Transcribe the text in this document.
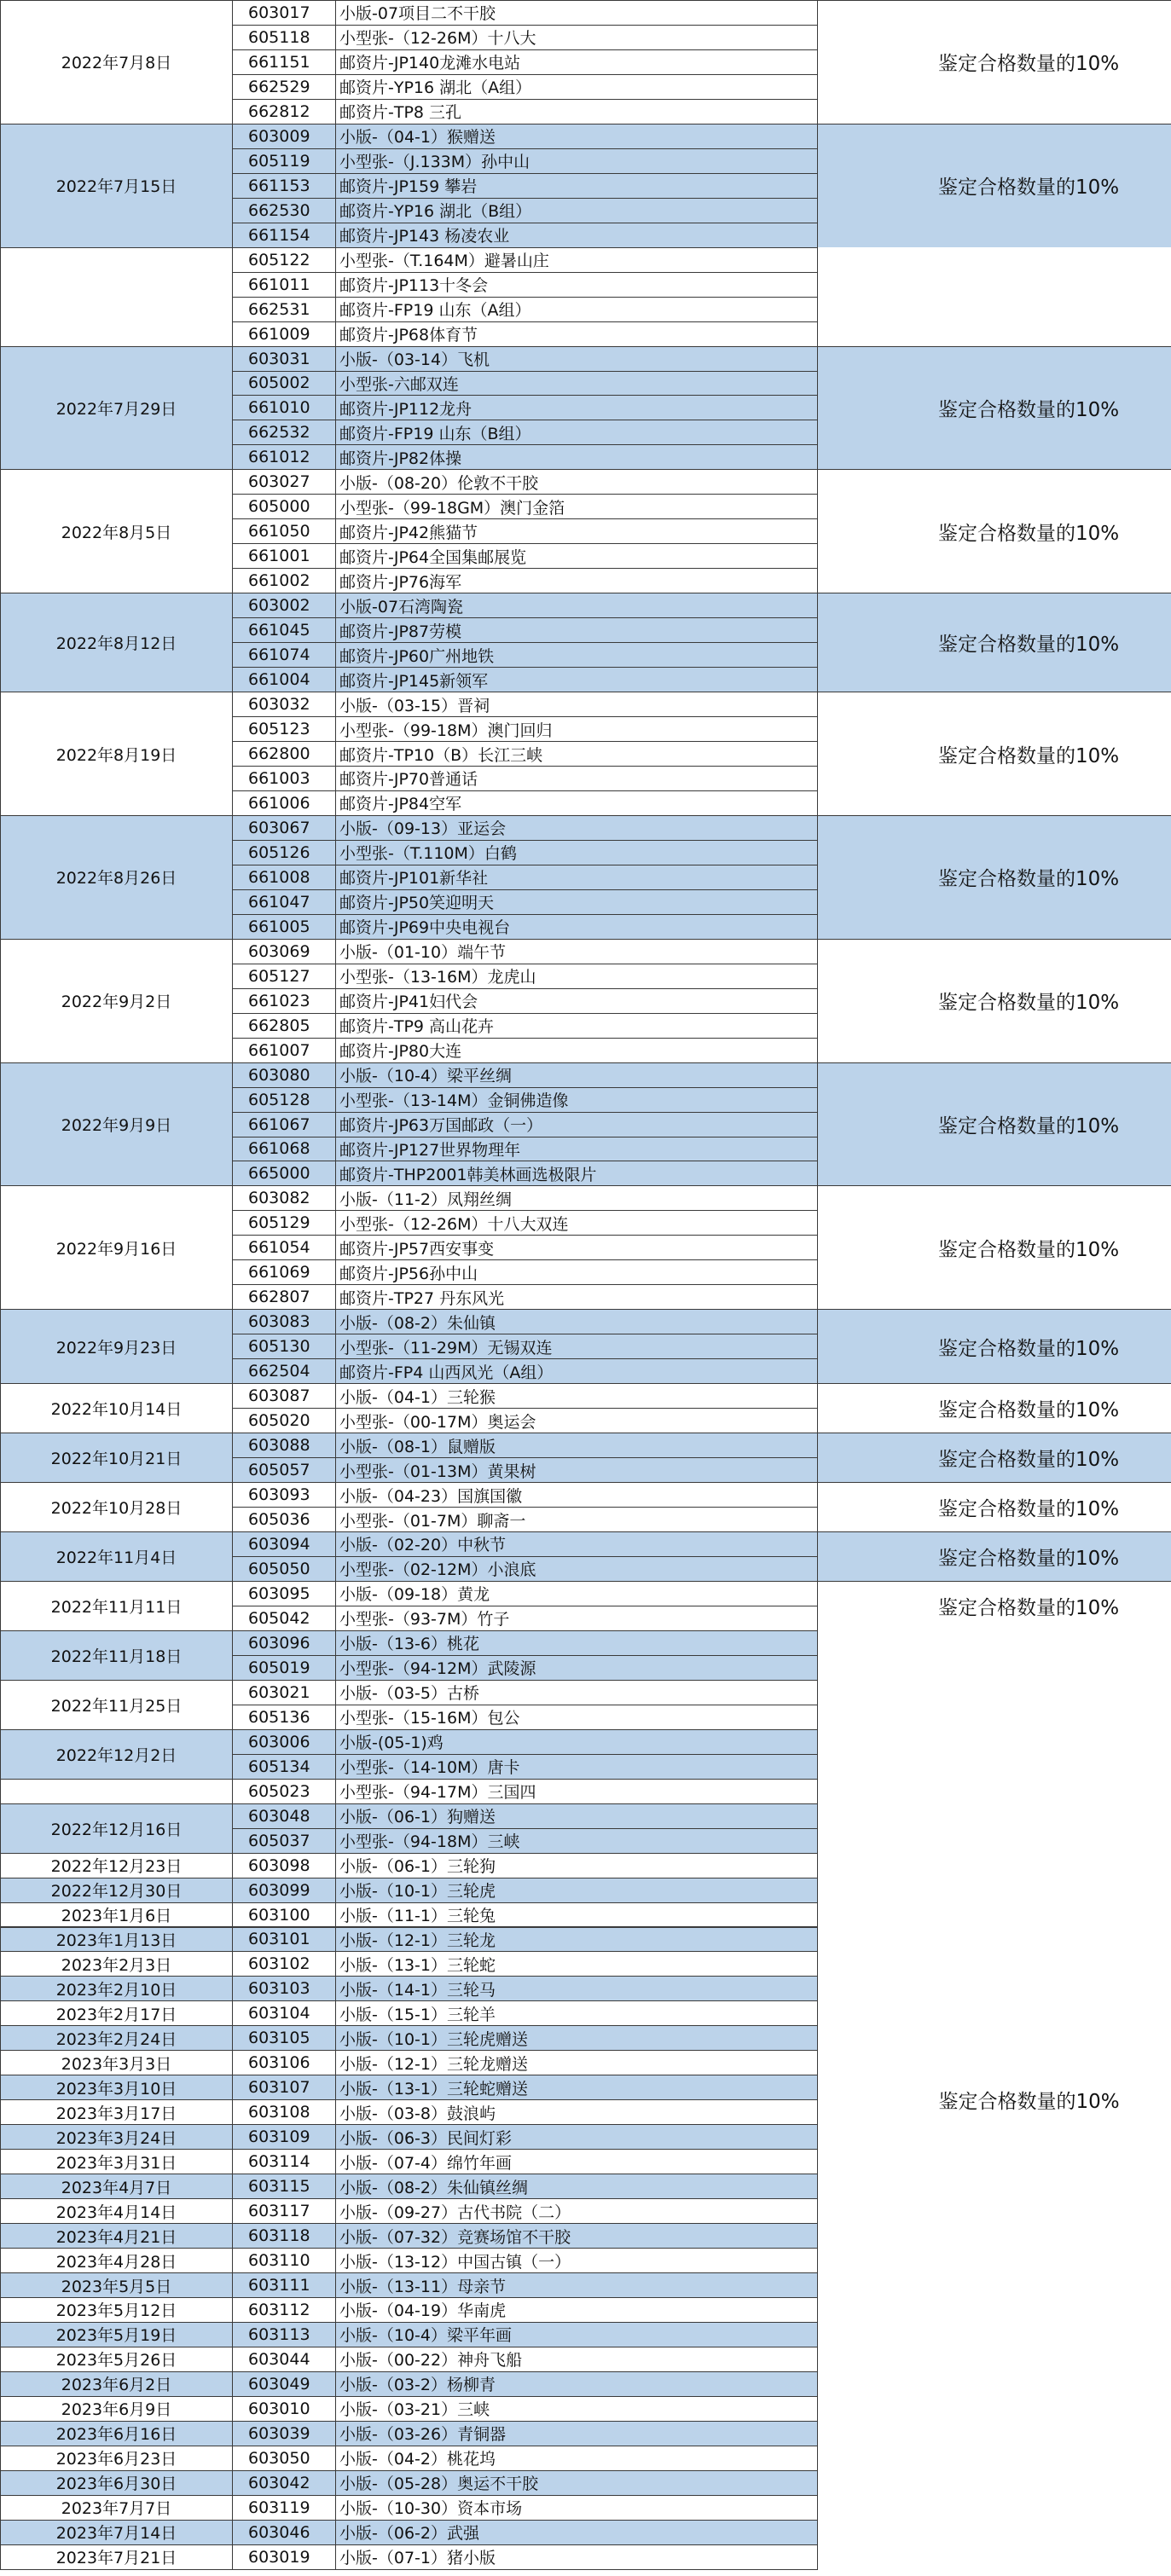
2022年7月8日
603017	小版-07项目二不干胶
605118	小型张-（12-26M）十八大
661151	邮资片-JP140龙滩水电站
662529	邮资片-YP16 湖北（A组）
662812	邮资片-TP8 三孔
鉴定合格数量的10%
2022年7月15日
603009	小版-（04-1）猴赠送
605119	小型张-（J.133M）孙中山
661153	邮资片-JP159 攀岩
662530	邮资片-YP16 湖北（B组）
661154	邮资片-JP143 杨凌农业
鉴定合格数量的10%
605122	小型张-（T.164M）避暑山庄
661011	邮资片-JP113十冬会
662531	邮资片-FP19 山东（A组）
661009	邮资片-JP68体育节
2022年7月29日
603031	小版-（03-14）飞机
605002	小型张-六邮双连
661010	邮资片-JP112龙舟
662532	邮资片-FP19 山东（B组）
661012	邮资片-JP82体操
鉴定合格数量的10%
2022年8月5日
603027	小版-（08-20）伦敦不干胶
605000	小型张-（99-18GM）澳门金箔
661050	邮资片-JP42熊猫节
661001	邮资片-JP64全国集邮展览
661002	邮资片-JP76海军
鉴定合格数量的10%
2022年8月12日
603002	小版-07石湾陶瓷
661045	邮资片-JP87劳模
661074	邮资片-JP60广州地铁
661004	邮资片-JP145新领军
鉴定合格数量的10%
2022年8月19日
603032	小版-（03-15）晋祠
605123	小型张-（99-18M）澳门回归
662800	邮资片-TP10（B）长江三峡
661003	邮资片-JP70普通话
661006	邮资片-JP84空军
鉴定合格数量的10%
2022年8月26日
603067	小版-（09-13）亚运会
605126	小型张-（T.110M）白鹤
661008	邮资片-JP101新华社
661047	邮资片-JP50笑迎明天
661005	邮资片-JP69中央电视台
鉴定合格数量的10%
2022年9月2日
603069	小版-（01-10）端午节
605127	小型张-（13-16M）龙虎山
661023	邮资片-JP41妇代会
662805	邮资片-TP9 高山花卉
661007	邮资片-JP80大连
鉴定合格数量的10%
2022年9月9日
603080	小版-（10-4）梁平丝绸
605128	小型张-（13-14M）金铜佛造像
661067	邮资片-JP63万国邮政（一）
661068	邮资片-JP127世界物理年
665000	邮资片-THP2001韩美林画选极限片
鉴定合格数量的10%
2022年9月16日
603082	小版-（11-2）凤翔丝绸
605129	小型张-（12-26M）十八大双连
661054	邮资片-JP57西安事变
661069	邮资片-JP56孙中山
662807	邮资片-TP27 丹东风光
鉴定合格数量的10%
2022年9月23日
603083	小版-（08-2）朱仙镇
605130	小型张-（11-29M）无锡双连
662504	邮资片-FP4 山西风光（A组）
鉴定合格数量的10%
2022年10月14日
603087	小版-（04-1）三轮猴
605020	小型张-（00-17M）奥运会
鉴定合格数量的10%
2022年10月21日
603088	小版-（08-1）鼠赠版
605057	小型张-（01-13M）黄果树
鉴定合格数量的10%
2022年10月28日
603093	小版-（04-23）国旗国徽
605036	小型张-（01-7M）聊斋一
鉴定合格数量的10%
2022年11月4日
603094	小版-（02-20）中秋节
605050	小型张-（02-12M）小浪底
鉴定合格数量的10%
2022年11月11日
603095	小版-（09-18）黄龙
605042	小型张-（93-7M）竹子
鉴定合格数量的10%
2022年11月18日
603096	小版-（13-6）桃花
605019	小型张-（94-12M）武陵源
2022年11月25日
603021	小版-（03-5）古桥
605136	小型张-（15-16M）包公
2022年12月2日
603006	小版-(05-1)鸡
605134	小型张-（14-10M）唐卡
605023	小型张-（94-17M）三国四
2022年12月16日
603048	小版-（06-1）狗赠送
605037	小型张-（94-18M）三峡
2022年12月23日	603098	小版-（06-1）三轮狗
2022年12月30日	603099	小版-（10-1）三轮虎
2023年1月6日	603100	小版-（11-1）三轮兔
2023年1月13日	603101	小版-（12-1）三轮龙
2023年2月3日	603102	小版-（13-1）三轮蛇
2023年2月10日	603103	小版-（14-1）三轮马
2023年2月17日	603104	小版-（15-1）三轮羊
2023年2月24日	603105	小版-（10-1）三轮虎赠送
2023年3月3日	603106	小版-（12-1）三轮龙赠送
2023年3月10日	603107	小版-（13-1）三轮蛇赠送
2023年3月17日	603108	小版-（03-8）鼓浪屿
2023年3月24日	603109	小版-（06-3）民间灯彩
2023年3月31日	603114	小版-（07-4）绵竹年画
2023年4月7日	603115	小版-（08-2）朱仙镇丝绸
2023年4月14日	603117	小版-（09-27）古代书院（二）
2023年4月21日	603118	小版-（07-32）竞赛场馆不干胶
2023年4月28日	603110	小版-（13-12）中国古镇（一）
2023年5月5日	603111	小版-（13-11）母亲节
2023年5月12日	603112	小版-（04-19）华南虎
2023年5月19日	603113	小版-（10-4）梁平年画
2023年5月26日	603044	小版-（00-22）神舟飞船
2023年6月2日	603049	小版-（03-2）杨柳青
2023年6月9日	603010	小版-（03-21）三峡
2023年6月16日	603039	小版-（03-26）青铜器
2023年6月23日	603050	小版-（04-2）桃花坞
2023年6月30日	603042	小版-（05-28）奥运不干胶
2023年7月7日	603119	小版-（10-30）资本市场
2023年7月14日	603046	小版-（06-2）武强
2023年7月21日	603019	小版-（07-1）猪小版
鉴定合格数量的10%
